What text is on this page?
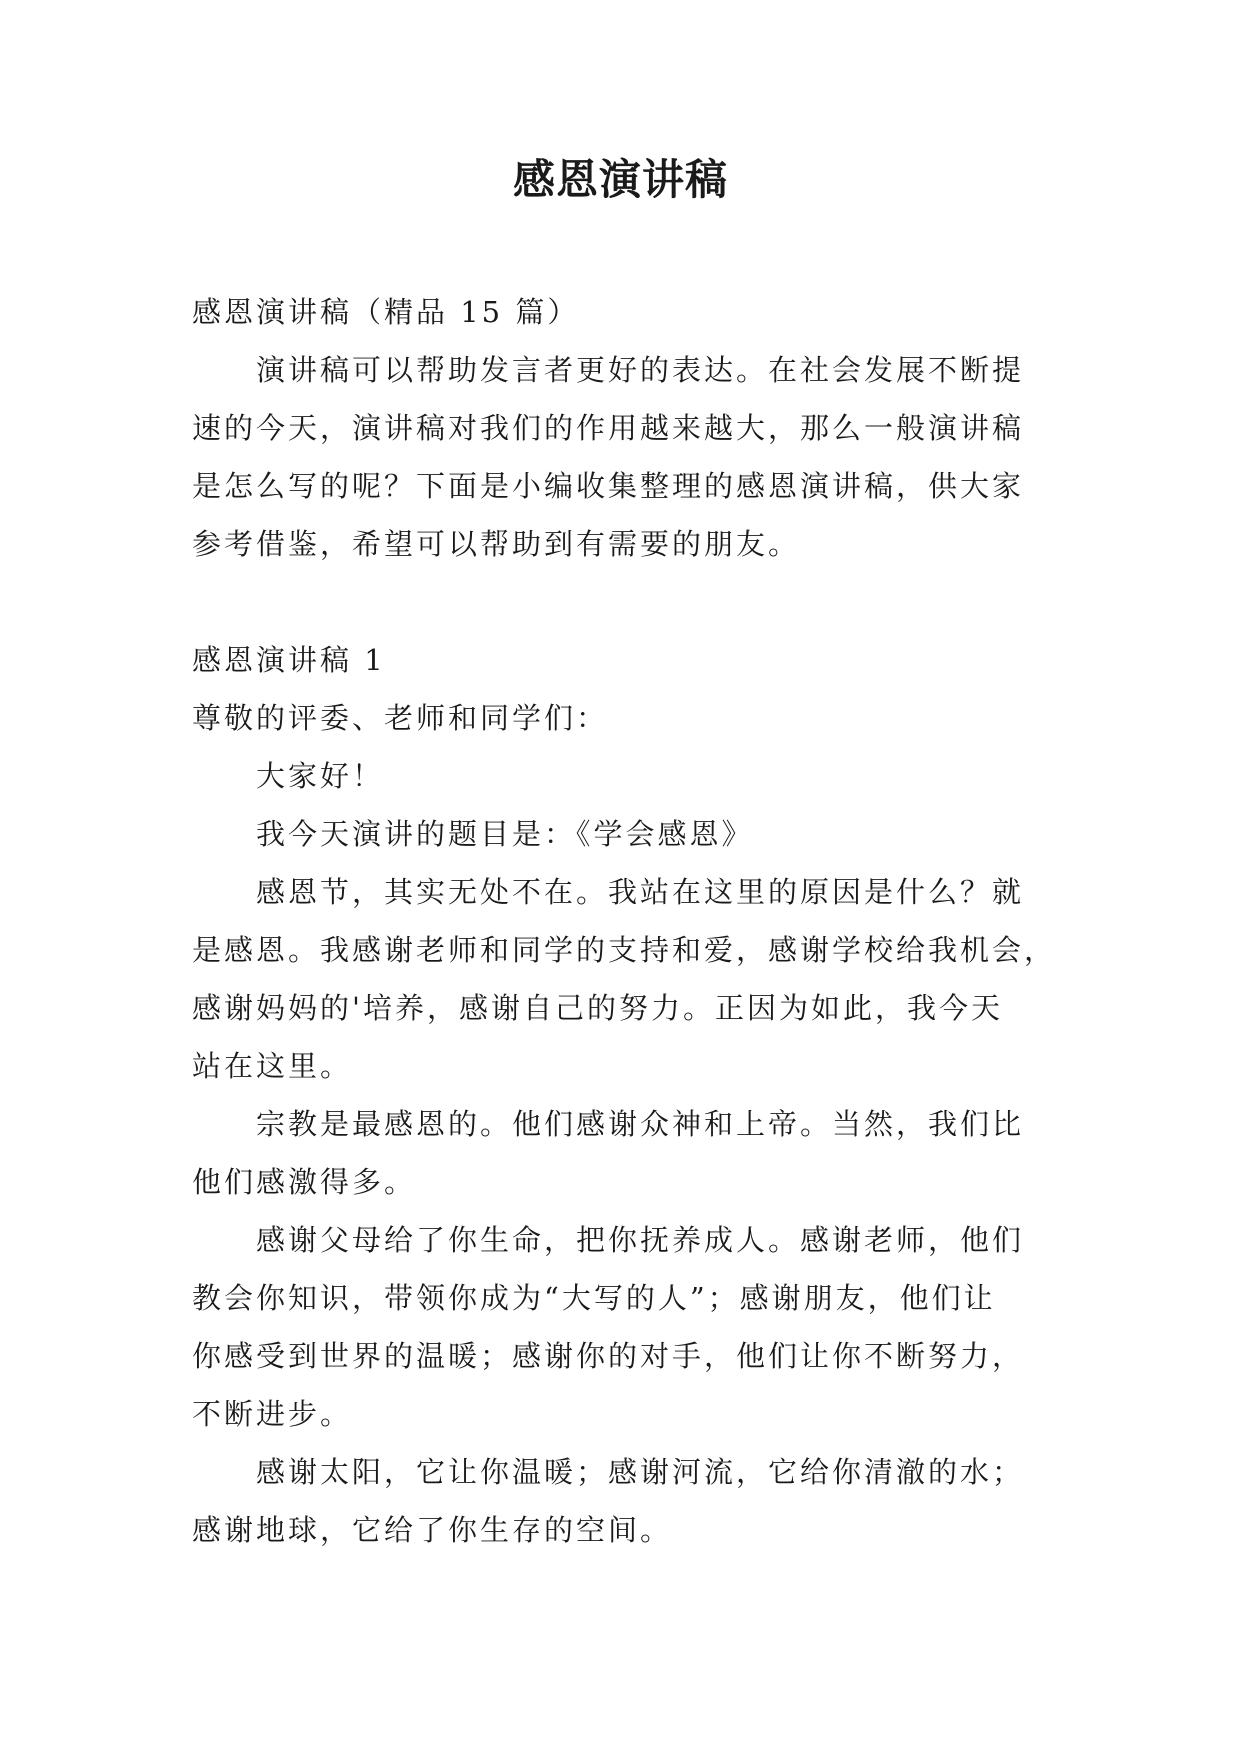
感恩演讲稿
感恩演讲稿（精品 15 篇）
演讲稿可以帮助发言者更好的表达。在社会发展不断提
速的今天，演讲稿对我们的作用越来越大，那么一般演讲稿
是怎么写的呢？下面是小编收集整理的感恩演讲稿，供大家
参考借鉴，希望可以帮助到有需要的朋友。
感恩演讲稿 1
尊敬的评委、老师和同学们：
大家好！
我今天演讲的题目是：《学会感恩》
感恩节，其实无处不在。我站在这里的原因是什么？就
是感恩。我感谢老师和同学的支持和爱，感谢学校给我机会，
感谢妈妈的'培养，感谢自己的努力。正因为如此，我今天
站在这里。
宗教是最感恩的。他们感谢众神和上帝。当然，我们比
他们感激得多。
感谢父母给了你生命，把你抚养成人。感谢老师，他们
教会你知识，带领你成为“大写的人”；感谢朋友，他们让
你感受到世界的温暖；感谢你的对手，他们让你不断努力，
不断进步。
感谢太阳，它让你温暖；感谢河流，它给你清澈的水；
感谢地球，它给了你生存的空间。
